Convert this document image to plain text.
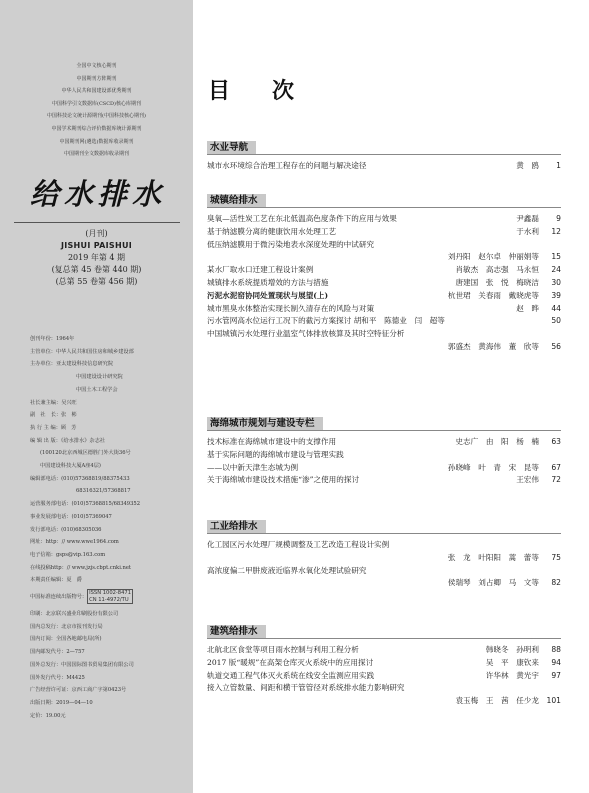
全国中文核心期刊
中国期刊方阵期刊
中华人民共和国建设部优秀期刊
中国科学引文数据库(CSCD)核心库期刊
中国科技论文统计源期刊(中国科技核心期刊)
中国学术期刊综合评价数据库统计源期刊
中国期刊网(遴选)数据库收录期刊
中国期刊全文数据库收录期刊
给水排水
(月刊)
JISHUI PAISHUI
2019 年第 4 期
(复总第 45 卷第 440 期)
(总第 55 卷第 456 期)
创刊年份：1964年
主管单位：中华人民共和国住房和城乡建设部
主办单位：亚太建设科技信息研究院
中国建设设计研究院
中国土木工程学会
社长兼主编：吴兴旺
副　社　长：张　彬
执 行 主 编：顾　芳
编 辑 出 版：《给水排水》杂志社
(100120北京西城区德胜门外大街36号
中国建设科技大厦A座4层)
编辑部电话：(010)57368819/88375433
68316321/57368817
运营服务部电话：(010)57368815/68349352
事业发展部电话：(010)57369047
发行部电话：(010)68305036
网址：http：// www.wwe1964.com
电子信箱：gsps@vip.163.com
在线投稿http：// www.jzjs.cbpt.cnki.net
本期责任编辑：夏　爵
中国标准连续出版物号：
ISSN 1002-8471
CN 11-4972/TU
印刷：北京联兴盛业印刷股份有限公司
国内总发行：北京市报刊发行局
国内订阅：全国各地邮电局(所)
国内邮发代号：2—757
国外总发行：中国国际图书贸易集团有限公司
国外发行代号：M4425
广告经营许可证：京西工商广字第0423号
出版日期：2019—04—10
定价：19.00元
目　次
水业导航
城市水环境综合治理工程存在的问题与解决途径	黄　鸥	1
城镇给排水
臭氧—活性炭工艺在东北低温高色度条件下的应用与效果	尹鑫磊	9
基于纳滤膜分离的健康饮用水处理工艺	于水利	12
低压纳滤膜用于微污染地表水深度处理的中试研究
刘丹阳　赵尔卓　仲丽娟等	15
某水厂取水口迁建工程设计案例	肖敏杰　高志强　马永恒	24
城镇排水系统提质增效的方法与措施	唐建国　张　悦　梅晓洁	30
污泥水泥窑协同处置现状与展望(上)	杭世珺　关春雨　戴晓虎等	39
城市黑臭水体整治实现长制久清存在的风险与对策	赵　晔	44
污水管网高水位运行工况下的截污方案探讨 胡和平　陈德业　闫　超等	50
中国城镇污水处理行业温室气体排放核算及其时空特征分析
郭盛杰　黄海伟　董　欣等	56
海绵城市规划与建设专栏
技术标准在海绵城市建设中的支撑作用	史志广　由　阳　杨　楠	63
基于实际问题的海绵城市建设与管理实践
——以中新天津生态城为例	孙晓峰　叶　青　宋　昆等	67
关于海绵城市建设技术措施“渗”之使用的探讨	王宏伟	72
工业给排水
化工园区污水处理厂规模调整及工艺改造工程设计实例
张　龙　叶阳阳　蒿　蕾等	75
高浓度偏二甲肼废液近临界水氧化处理试验研究
侯瑞琴　刘占卿　马　文等	82
建筑给排水
北航北区食堂等项目雨水控制与利用工程分析	韩晓冬　孙明利	88
2017 版“暖规”在高架仓库灭火系统中的应用探讨	吴　平　康钦来	94
轨道交通工程气体灭火系统在线安全监测应用实践	许华林　黄光宇	97
接入立管数量、间距和横干管管径对系统排水能力影响研究
袁玉梅　王　茜　任少龙 101
